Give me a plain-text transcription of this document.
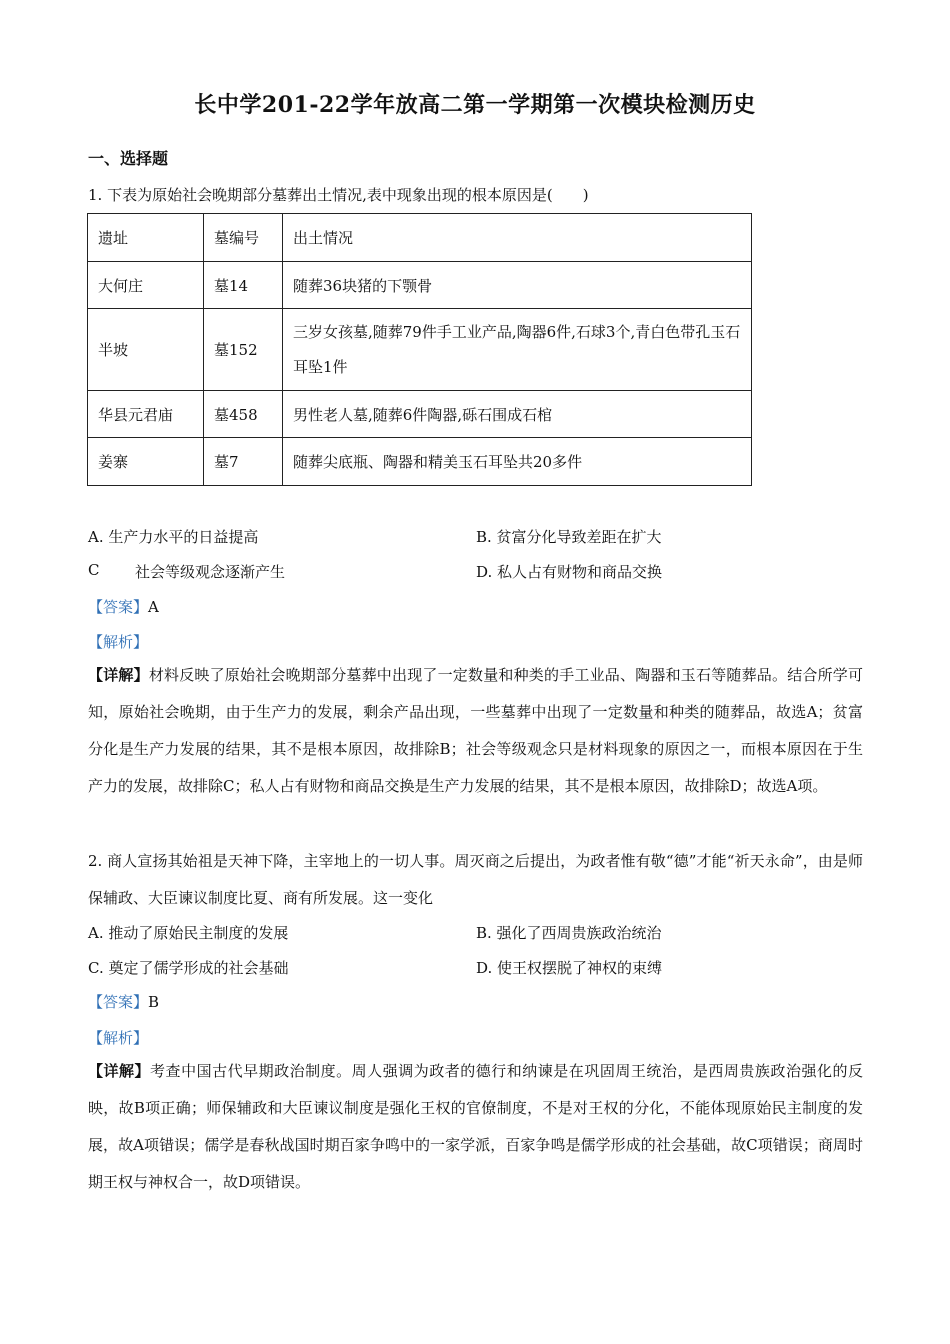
长中学201-22学年放高二第一学期第一次模块检测历史
一、选择题
1. 下表为原始社会晚期部分墓葬出土情况,表中现象出现的根本原因是(　　)
遗址	墓编号	出土情况
大何庄	墓14	随葬36块猪的下颚骨
半坡	墓152	三岁女孩墓,随葬79件手工业产品,陶器6件,石球3个,青白色带孔玉石耳坠1件
华县元君庙	墓458	男性老人墓,随葬6件陶器,砾石围成石棺
姜寨	墓7	随葬尖底瓶、陶器和精美玉石耳坠共20多件
A. 生产力水平的日益提高	B. 贫富分化导致差距在扩大
C 社会等级观念逐渐产生	D. 私人占有财物和商品交换
【答案】A
【解析】
【详解】材料反映了原始社会晚期部分墓葬中出现了一定数量和种类的手工业品、陶器和玉石等随葬品。结合所学可知，原始社会晚期，由于生产力的发展，剩余产品出现，一些墓葬中出现了一定数量和种类的随葬品，故选A；贫富分化是生产力发展的结果，其不是根本原因，故排除B；社会等级观念只是材料现象的原因之一，而根本原因在于生产力的发展，故排除C；私人占有财物和商品交换是生产力发展的结果，其不是根本原因，故排除D；故选A项。
2. 商人宣扬其始祖是天神下降，主宰地上的一切人事。周灭商之后提出，为政者惟有敬“德”才能“祈天永命”，由是师保辅政、大臣谏议制度比夏、商有所发展。这一变化
A. 推动了原始民主制度的发展	B. 强化了西周贵族政治统治
C. 奠定了儒学形成的社会基础	D. 使王权摆脱了神权的束缚
【答案】B
【解析】
【详解】考查中国古代早期政治制度。周人强调为政者的德行和纳谏是在巩固周王统治，是西周贵族政治强化的反映，故B项正确；师保辅政和大臣谏议制度是强化王权的官僚制度，不是对王权的分化，不能体现原始民主制度的发展，故A项错误；儒学是春秋战国时期百家争鸣中的一家学派，百家争鸣是儒学形成的社会基础，故C项错误；商周时期王权与神权合一，故D项错误。
